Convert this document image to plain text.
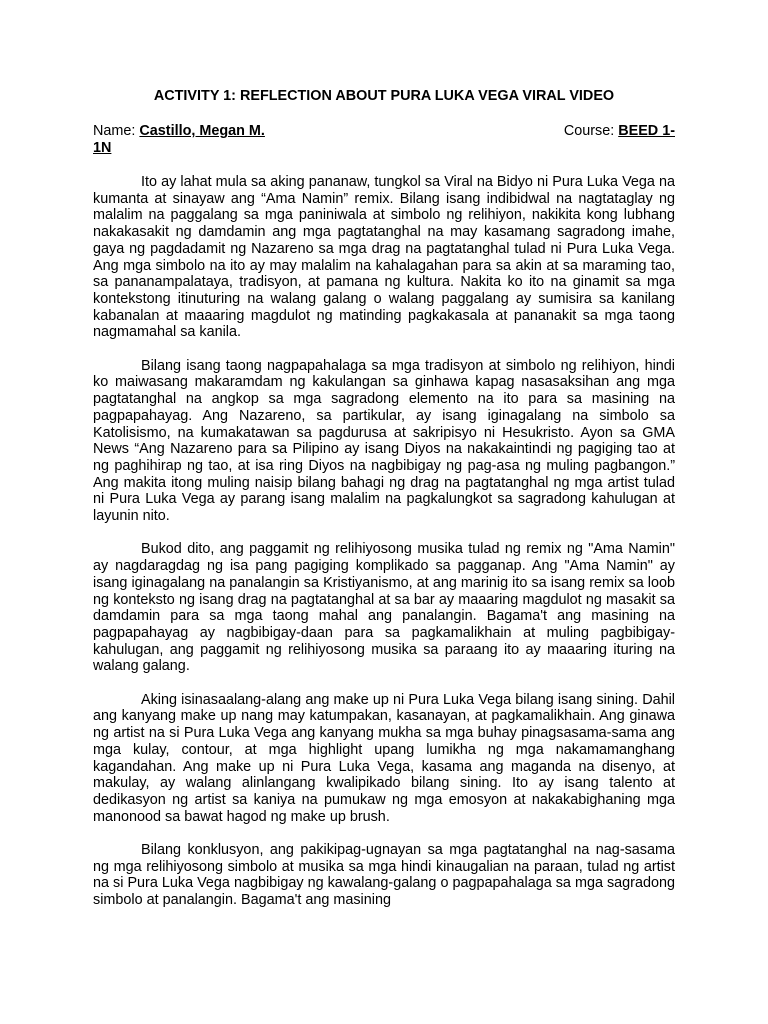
ACTIVITY 1: REFLECTION ABOUT PURA LUKA VEGA VIRAL VIDEO
Name: Castillo, Megan M.	Course: BEED 1-
1N

Ito ay lahat mula sa aking pananaw, tungkol sa Viral na Bidyo ni Pura Luka Vega na kumanta at sinayaw ang “Ama Namin” remix. Bilang isang indibidwal na nagtataglay ng malalim na paggalang sa mga paniniwala at simbolo ng relihiyon, nakikita kong lubhang nakakasakit ng damdamin ang mga pagtatanghal na may kasamang sagradong imahe, gaya ng pagdadamit ng Nazareno sa mga drag na pagtatanghal tulad ni Pura Luka Vega. Ang mga simbolo na ito ay may malalim na kahalagahan para sa akin at sa maraming tao, sa pananampalataya, tradisyon, at pamana ng kultura. Nakita ko ito na ginamit sa mga kontekstong itinuturing na walang galang o walang paggalang ay sumisira sa kanilang kabanalan at maaaring magdulot ng matinding pagkakasala at pananakit sa mga taong nagmamahal sa kanila.

Bilang isang taong nagpapahalaga sa mga tradisyon at simbolo ng relihiyon, hindi ko maiwasang makaramdam ng kakulangan sa ginhawa kapag nasasaksihan ang mga pagtatanghal na angkop sa mga sagradong elemento na ito para sa masining na pagpapahayag. Ang Nazareno, sa partikular, ay isang iginagalang na simbolo sa Katolisismo, na kumakatawan sa pagdurusa at sakripisyo ni Hesukristo. Ayon sa GMA News “Ang Nazareno para sa Pilipino ay isang Diyos na nakakaintindi ng pagiging tao at ng paghihirap ng tao, at isa ring Diyos na nagbibigay ng pag-asa ng muling pagbangon.” Ang makita itong muling naisip bilang bahagi ng drag na pagtatanghal ng mga artist tulad ni Pura Luka Vega ay parang isang malalim na pagkalungkot sa sagradong kahulugan at layunin nito.

Bukod dito, ang paggamit ng relihiyosong musika tulad ng remix ng "Ama Namin" ay nagdaragdag ng isa pang pagiging komplikado sa pagganap. Ang "Ama Namin" ay isang iginagalang na panalangin sa Kristiyanismo, at ang marinig ito sa isang remix sa loob ng konteksto ng isang drag na pagtatanghal at sa bar ay maaaring magdulot ng masakit sa damdamin para sa mga taong mahal ang panalangin. Bagama't ang masining na pagpapahayag ay nagbibigay-daan para sa pagkamalikhain at muling pagbibigay-kahulugan, ang paggamit ng relihiyosong musika sa paraang ito ay maaaring ituring na walang galang.

Aking isinasaalang-alang ang make up ni Pura Luka Vega bilang isang sining. Dahil ang kanyang make up nang may katumpakan, kasanayan, at pagkamalikhain. Ang ginawa ng artist na si Pura Luka Vega ang kanyang mukha sa mga buhay pinagsasama-sama ang mga kulay, contour, at mga highlight upang lumikha ng mga nakamamanghang kagandahan. Ang make up ni Pura Luka Vega, kasama ang maganda na disenyo, at makulay, ay walang alinlangang kwalipikado bilang sining. Ito ay isang talento at dedikasyon ng artist sa kaniya na pumukaw ng mga emosyon at nakakabighaning mga manonood sa bawat hagod ng make up brush.

Bilang konklusyon, ang pakikipag-ugnayan sa mga pagtatanghal na nag-sasama ng mga relihiyosong simbolo at musika sa mga hindi kinaugalian na paraan, tulad ng artist na si Pura Luka Vega nagbibigay ng kawalang-galang o pagpapahalaga sa mga sagradong simbolo at panalangin. Bagama't ang masining
